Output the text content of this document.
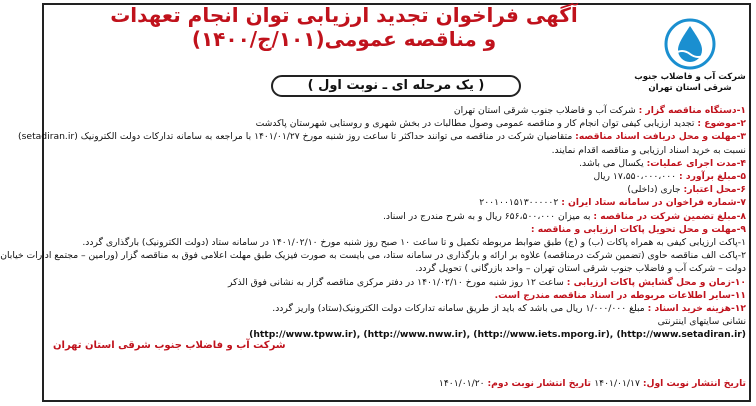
شرکت آب و فاضلاب جنوب
شرقی استان تهران
آگهی فراخوان تجدید ارزیابی توان انجام تعهدات
و مناقصه عمومی(۱۰۱/ج/۱۴۰۰)
( یک مرحله ای ـ نوبت اول )
۱-دستگاه مناقصه گزار : شرکت آب و فاضلاب جنوب شرقی استان تهران
۲-موضوع : تجدید ارزیابی کیفی توان انجام کار و مناقصه عمومی وصول مطالبات در بخش شهری و روستایی شهرستان پاکدشت
۳-مهلت و محل دریافت اسناد مناقصه: متقاضیان شرکت در مناقصه می توانند حداکثر تا ساعت روز شنبه مورخ ۱۴۰۱/۰۱/۲۷ با مراجعه به سامانه تدارکات دولت الکترونیک (setadiran.ir)
نسبت به خرید اسناد ارزیابی و مناقصه اقدام نمایند.
۴-مدت اجرای عملیات: یکسال می باشد.
۵-مبلغ برآورد : ۱۷،۵۵۰،۰۰۰،۰۰۰ ریال
۶-محل اعتبار: جاری (داخلی)
۷-شماره فراخوان در سامانه ستاد ایران : ۲۰۰۱۰۰۱۵۱۳۰۰۰۰۰۲
۸-مبلغ تضمین شرکت در مناقصه : به میزان ۶۵۶،۵۰۰،۰۰۰ ریال و به شرح مندرج در اسناد.
۹-مهلت و محل تحویل پاکات ارزیابی و مناقصه :
۱-پاکت ارزیابی کیفی به همراه پاکات (ب) و (ج) طبق ضوابط مربوطه تکمیل و تا ساعت ۱۰ صبح روز شنبه مورخ ۱۴۰۱/۰۲/۱۰ در سامانه ستاد (دولت الکترونیک) بارگذاری گردد.
۲-پاکت الف مناقصه حاوی (تضمین شرکت درمناقصه) علاوه بر ارائه و بارگذاری در سامانه ستاد، می بایست به صورت فیزیک طبق مهلت اعلامی فوق به مناقصه گزار (ورامین – مجتمع ادارات خیابان
دولت – شرکت آب و فاضلاب جنوب شرقی استان تهران – واحد بازرگانی ) تحویل گردد.
۱۰-زمان و محل گشایش پاکات ارزیابی : ساعت ۱۲ روز شنبه مورخ ۱۴۰۱/۰۲/۱۰ در دفتر مرکزی مناقصه گزار به نشانی فوق الذکر
۱۱-سایر اطلاعات مربوطه در اسناد مناقصه مندرج است.
۱۲-هزینه خرید اسناد : مبلغ ۱/۰۰۰/۰۰۰ ریال می باشد که باید از طریق سامانه تدارکات دولت الکترونیک(ستاد) واریز گردد.
نشانی سایتهای اینترنتی
(http://www.tpww.ir), (http://www.nww.ir), (http://www.iets.mporg.ir), (http://www.setadiran.ir)
شرکت آب و فاضلاب جنوب شرقی استان تهران
تاریخ انتشار نوبت اول: ۱۴۰۱/۰۱/۱۷ تاریخ انتشار نوبت دوم: ۱۴۰۱/۰۱/۲۰
